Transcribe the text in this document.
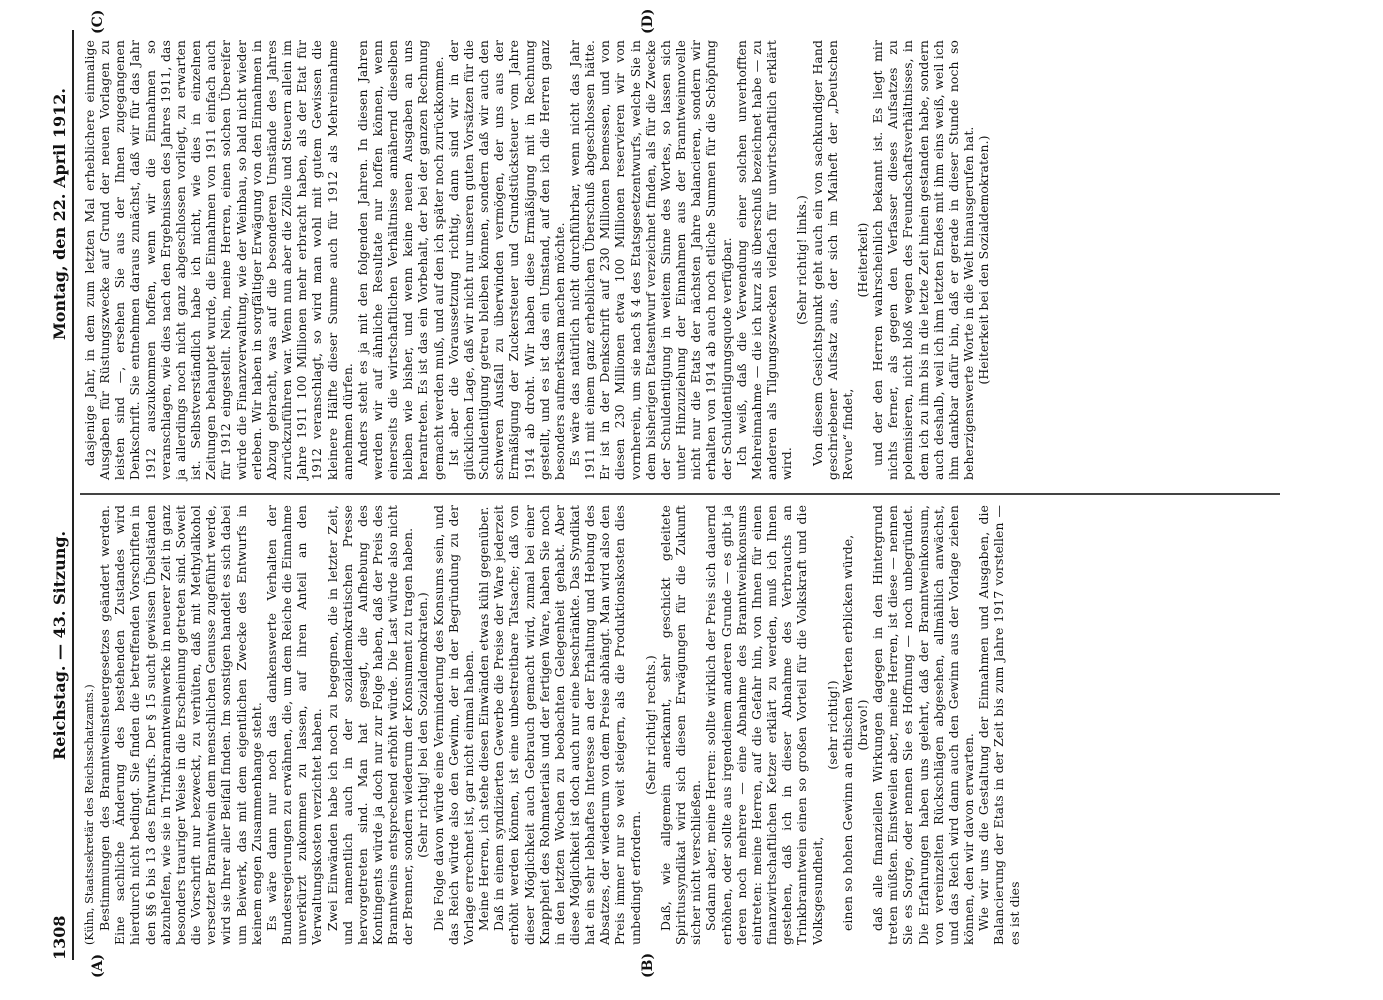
1308
Reichstag. — 43. Sitzung.
Montag, den 22. April 1912.
(A)	(B)
(C)	(D)

(Kühn, Staatssekretär des Reichsschatzamts.) Bestimmungen des Branntweinsteuergesetzes geändert werden. Eine sachliche Änderung des bestehenden Zustandes wird hierdurch nicht bedingt. Sie finden die betreffenden Vorschriften in den §§ 6 bis 13 des Entwurfs. Der § 15 sucht gewissen Übelständen abzuhelfen, wie sie in Trinkbranntweinwerke in neuerer Zeit in ganz besonders trauriger Weise in die Erscheinung getreten sind. Soweit die Vorschrift nur bezweckt, zu verhüten, daß mit Methylalkohol versetzter Branntwein dem menschlichen Genusse zugeführt werde, wird sie Ihrer aller Beifall finden. Im sonstigen handelt es sich dabei um Beiwerk, das mit dem eigentlichen Zwecke des Entwurfs in keinem engen Zusammenhange steht. Es wäre dann nur noch das dankenswerte Verhalten der Bundesregierungen zu erwähnen, die, um dem Reiche die Einnahme unverkürzt zukommen zu lassen, auf ihren Anteil an den Verwaltungskosten verzichtet haben. Zwei Einwänden habe ich noch zu begegnen, die in letzter Zeit, und namentlich auch in der sozialdemokratischen Presse hervorgetreten sind. Man hat gesagt, die Aufhebung des Kontingents würde ja doch nur zur Folge haben, daß der Preis des Branntweins entsprechend erhöht würde. Die Last würde also nicht der Brenner, sondern wiederum der Konsument zu tragen haben. (Sehr richtig! bei den Sozialdemokraten.) Die Folge davon würde eine Verminderung des Konsums sein, und das Reich würde also den Gewinn, der in der Begründung zu der Vorlage errechnet ist, gar nicht einmal haben. Meine Herren, ich stehe diesen Einwänden etwas kühl gegenüber. Daß in einem syndizierten Gewerbe die Preise der Ware jederzeit erhöht werden können, ist eine unbestreitbare Tatsache; daß von dieser Möglichkeit auch Gebrauch gemacht wird, zumal bei einer Knappheit des Rohmaterials und der fertigen Ware, haben Sie noch in den letzten Wochen zu beobachten Gelegenheit gehabt. Aber diese Möglichkeit ist doch auch nur eine beschränkte. Das Syndikat hat ein sehr lebhaftes Interesse an der Erhaltung und Hebung des Absatzes, der wiederum von dem Preise abhängt. Man wird also den Preis immer nur so weit steigern, als die Produktionskosten dies unbedingt erfordern.

(Sehr richtig! rechts.) Daß, wie allgemein anerkannt, sehr geschickt geleitete Spiritussyndikat wird sich diesen Erwägungen für die Zukunft sicher nicht verschließen. Sodann aber, meine Herren: sollte wirklich der Preis sich dauernd erhöhen, oder sollte aus irgendeinem anderen Grunde — es gibt ja deren noch mehrere — eine Abnahme des Branntweinkonsums eintreten: meine Herren, auf die Gefahr hin, von Ihnen für einen finanzwirtschaftlichen Ketzer erklärt zu werden, muß ich Ihnen gestehen, daß ich in dieser Abnahme des Verbrauchs an Trinkbranntwein einen so großen Vorteil für die Volkskraft und die Volksgesundheit,

(sehr richtig!) einen so hohen Gewinn an ethischen Werten erblicken würde, (bravo!) daß alle finanziellen Wirkungen dagegen in den Hintergrund treten müßten. Einstweilen aber, meine Herren, ist diese — nennen Sie es Sorge, oder nennen Sie es Hoffnung — noch unbegründet. Die Erfahrungen haben uns gelehrt, daß der Branntweinkonsum, von vereinzelten Rückschlägen abgesehen, allmählich anwächst, und das Reich wird dann auch den Gewinn aus der Vorlage ziehen können, den wir davon erwarten. Wie wir uns die Gestaltung der Einnahmen und Ausgaben, die Balancierung der Etats in der Zeit bis zum Jahre 1917 vorstellen — es ist dies

dasjenige Jahr, in dem zum letzten Mal erheblichere einmalige Ausgaben für Rüstungszwecke auf Grund der neuen Vorlagen zu leisten sind —, ersehen Sie aus der Ihnen zugegangenen Denkschrift. Sie entnehmen daraus zunächst, daß wir für das Jahr 1912 auszukommen hoffen, wenn wir die Einnahmen so veranschlagen, wie dies nach den Ergebnissen des Jahres 1911, das ja allerdings noch nicht ganz abgeschlossen vorliegt, zu erwarten ist. Selbstverständlich habe ich nicht, wie dies in einzelnen Zeitungen behauptet wurde, die Einnahmen von 1911 einfach auch für 1912 eingestellt. Nein, meine Herren, einen solchen Übereifer würde die Finanzverwaltung, wie der Weinbau, so bald nicht wieder erleben. Wir haben in sorgfältiger Erwägung von den Einnahmen in Abzug gebracht, was auf die besonderen Umstände des Jahres zurückzuführen war. Wenn nun aber die Zölle und Steuern allein im Jahre 1911 100 Millionen mehr erbracht haben, als der Etat für 1912 veranschlagt, so wird man wohl mit gutem Gewissen die kleinere Hälfte dieser Summe auch für 1912 als Mehreinnahme annehmen dürfen. Anders steht es ja mit den folgenden Jahren. In diesen Jahren werden wir auf ähnliche Resultate nur hoffen können, wenn einerseits die wirtschaftlichen Verhältnisse annähernd dieselben bleiben wie bisher, und wenn keine neuen Ausgaben an uns herantreten. Es ist das ein Vorbehalt, der bei der ganzen Rechnung gemacht werden muß, und auf den ich später noch zurückkomme. Ist aber die Voraussetzung richtig, dann sind wir in der glücklichen Lage, daß wir nicht nur unseren guten Vorsätzen für die Schuldentilgung getreu bleiben können, sondern daß wir auch den schweren Ausfall zu überwinden vermögen, der uns aus der Ermäßigung der Zuckersteuer und Grundstücksteuer vom Jahre 1914 ab droht. Wir haben diese Ermäßigung mit in Rechnung gestellt, und es ist das ein Umstand, auf den ich die Herren ganz besonders aufmerksam machen möchte. Es wäre das natürlich nicht durchführbar, wenn nicht das Jahr 1911 mit einem ganz erheblichen Überschuß abgeschlossen hätte. Er ist in der Denkschrift auf 230 Millionen bemessen, und von diesen 230 Millionen etwa 100 Millionen reservieren wir von vornherein, um sie nach § 4 des Etatsgesetzentwurfs, welche Sie in dem bisherigen Etatsentwurf verzeichnet finden, als für die Zwecke der Schuldentilgung in weitem Sinne des Wortes, so lassen sich unter Hinzuziehung der Einnahmen aus der Branntweinnovelle nicht nur die Etats der nächsten Jahre balancieren, sondern wir erhalten von 1914 ab auch noch etliche Summen für die Schöpfung der Schuldentilgungsquote verfügbar. Ich weiß, daß die Verwendung einer solchen unverhofften Mehreinnahme — die ich kurz als überschuß bezeichnet habe — zu anderen als Tilgungszwecken vielfach für unwirtschaftlich erklärt wird.

(Sehr richtig! links.) Von diesem Gesichtspunkt geht auch ein von sachkundiger Hand geschriebener Aufsatz aus, der sich im Maiheft der „Deutschen Revue“ findet,

(Heiterkeit) und der den Herren wahrscheinlich bekannt ist. Es liegt mir nichts ferner, als gegen den Verfasser dieses Aufsatzes zu polemisieren, nicht bloß wegen des Freundschaftsverhältnisses, in dem ich zu ihm bis in die letzte Zeit hinein gestanden habe, sondern auch deshalb, weil ich ihm letzten Endes mit ihm eins weiß, weil ich ihm dankbar dafür bin, daß er gerade in dieser Stunde noch so beherzigenswerte Worte in die Welt hinausgerufen hat. (Heiterkeit bei den Sozialdemokraten.)
